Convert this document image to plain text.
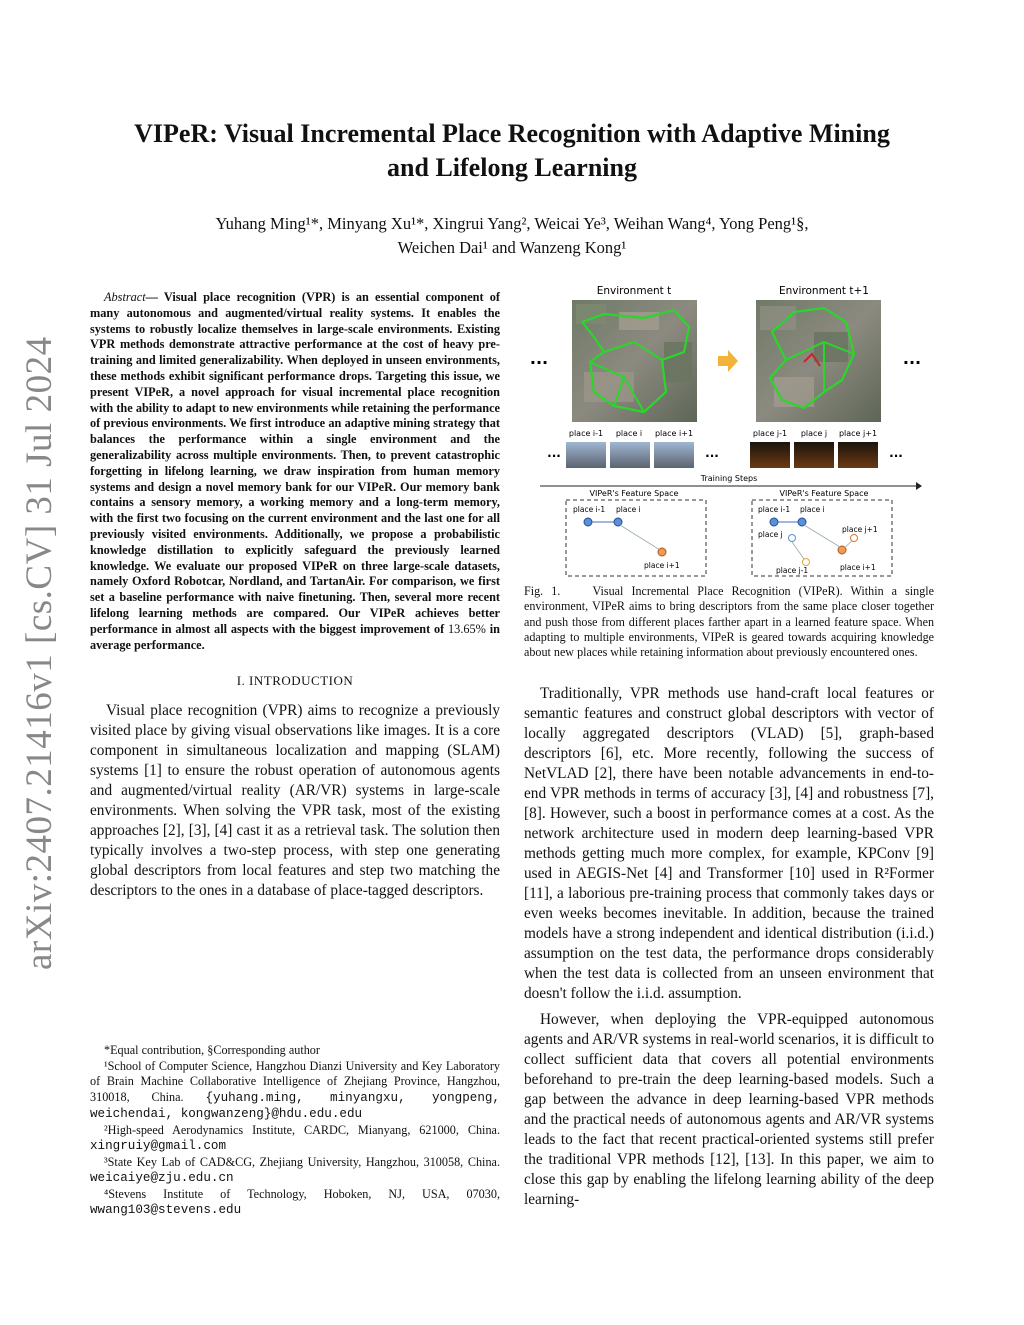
arXiv:2407.21416v1 [cs.CV] 31 Jul 2024
VIPeR: Visual Incremental Place Recognition with Adaptive Mining
and Lifelong Learning
Yuhang Ming¹*, Minyang Xu¹*, Xingrui Yang², Weicai Ye³, Weihan Wang⁴, Yong Peng¹§,
Weichen Dai¹ and Wanzeng Kong¹

Abstract— Visual place recognition (VPR) is an essential component of many autonomous and augmented/virtual reality systems. It enables the systems to robustly localize themselves in large-scale environments. Existing VPR methods demonstrate attractive performance at the cost of heavy pre-training and limited generalizability. When deployed in unseen environments, these methods exhibit significant performance drops. Targeting this issue, we present VIPeR, a novel approach for visual incremental place recognition with the ability to adapt to new environments while retaining the performance of previous environments. We first introduce an adaptive mining strategy that balances the performance within a single environment and the generalizability across multiple environments. Then, to prevent catastrophic forgetting in lifelong learning, we draw inspiration from human memory systems and design a novel memory bank for our VIPeR. Our memory bank contains a sensory memory, a working memory and a long-term memory, with the first two focusing on the current environment and the last one for all previously visited environments. Additionally, we propose a probabilistic knowledge distillation to explicitly safeguard the previously learned knowledge. We evaluate our proposed VIPeR on three large-scale datasets, namely Oxford Robotcar, Nordland, and TartanAir. For comparison, we first set a baseline performance with naive finetuning. Then, several more recent lifelong learning methods are compared. Our VIPeR achieves better performance in almost all aspects with the biggest improvement of 13.65% in average performance.

I. INTRODUCTION

Visual place recognition (VPR) aims to recognize a previously visited place by giving visual observations like images. It is a core component in simultaneous localization and mapping (SLAM) systems [1] to ensure the robust operation of autonomous agents and augmented/virtual reality (AR/VR) systems in large-scale environments. When solving the VPR task, most of the existing approaches [2], [3], [4] cast it as a retrieval task. The solution then typically involves a two-step process, with step one generating global descriptors from local features and step two matching the descriptors to the ones in a database of place-tagged descriptors.

*Equal contribution, §Corresponding author

¹School of Computer Science, Hangzhou Dianzi University and Key Laboratory of Brain Machine Collaborative Intelligence of Zhejiang Province, Hangzhou, 310018, China. {yuhang.ming, minyangxu, yongpeng, weichendai, kongwanzeng}@hdu.edu.edu

²High-speed Aerodynamics Institute, CARDC, Mianyang, 621000, China. xingruiy@gmail.com

³State Key Lab of CAD&CG, Zhejiang University, Hangzhou, 310058, China. weicaiye@zju.edu.cn

⁴Stevens Institute of Technology, Hoboken, NJ, USA, 07030, wwang103@stevens.edu

Environment t	Environment t+1
...	...
place i-1 place i place i+1	place j-1 place j place j+1
...	...	...
Training Steps
VIPeR's Feature Space
place i-1 place i
place i+1
VIPeR's Feature Space
place i-1 place i
place j
place j+1
place j-1	place i+1
Fig. 1.	Visual Incremental Place Recognition (VIPeR). Within a single environment, VIPeR aims to bring descriptors from the same place closer together and push those from different places farther apart in a learned feature space. When adapting to multiple environments, VIPeR is geared towards acquiring knowledge about new places while retaining information about previously encountered ones.

Traditionally, VPR methods use hand-craft local features or semantic features and construct global descriptors with vector of locally aggregated descriptors (VLAD) [5], graph-based descriptors [6], etc. More recently, following the success of NetVLAD [2], there have been notable advancements in end-to-end VPR methods in terms of accuracy [3], [4] and robustness [7], [8]. However, such a boost in performance comes at a cost. As the network architecture used in modern deep learning-based VPR methods getting much more complex, for example, KPConv [9] used in AEGIS-Net [4] and Transformer [10] used in R²Former [11], a laborious pre-training process that commonly takes days or even weeks becomes inevitable. In addition, because the trained models have a strong independent and identical distribution (i.i.d.) assumption on the test data, the performance drops considerably when the test data is collected from an unseen environment that doesn't follow the i.i.d. assumption.

However, when deploying the VPR-equipped autonomous agents and AR/VR systems in real-world scenarios, it is difficult to collect sufficient data that covers all potential environments beforehand to pre-train the deep learning-based models. Such a gap between the advance in deep learning-based VPR methods and the practical needs of autonomous agents and AR/VR systems leads to the fact that recent practical-oriented systems still prefer the traditional VPR methods [12], [13]. In this paper, we aim to close this gap by enabling the lifelong learning ability of the deep learning-
